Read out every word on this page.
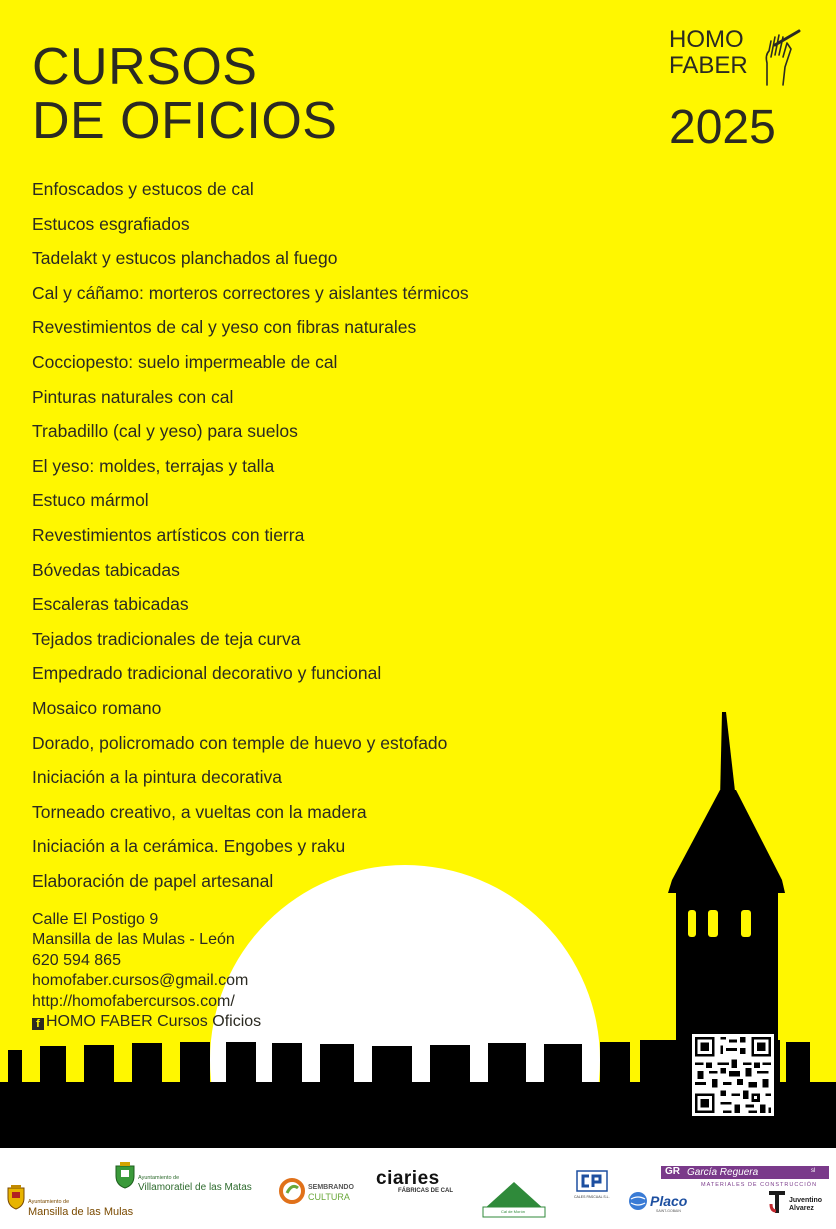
CURSOS
DE OFICIOS
HOMO
FABER
2025
Enfoscados y estucos de cal
Estucos esgrafiados
Tadelakt y estucos planchados al fuego
Cal y cáñamo: morteros correctores y aislantes térmicos
Revestimientos de cal y yeso con fibras naturales
Cocciopesto: suelo impermeable de cal
Pinturas naturales con cal
Trabadillo (cal y yeso) para suelos
El yeso: moldes, terrajas y talla
Estuco mármol
Revestimientos artísticos con tierra
Bóvedas tabicadas
Escaleras tabicadas
Tejados tradicionales de teja curva
Empedrado tradicional decorativo y funcional
Mosaico romano
Dorado, policromado con temple de huevo y estofado
Iniciación a la pintura decorativa
Torneado creativo, a vueltas con la madera
Iniciación a la cerámica. Engobes y raku
Elaboración de papel artesanal
Calle El Postigo 9
Mansilla de las Mulas - León
620 594 865
homofaber.cursos@gmail.com
http://homofabercursos.com/
f HOMO FABER Cursos Oficios
Ayuntamiento de
Mansilla de las Mulas
Ayuntamiento de
Villamoratiel de las Matas	SEMBRANDO
CULTURA
ciaries
FÁBRICAS DE CAL
GORDILLOS
Cal de Morón
CALES PASCUAL S.L.	Placo
SAINT-GOBAIN
GR García Reguera	sl
MATERIALES DE CONSTRUCCIÓN
Juventino
Alvarez
